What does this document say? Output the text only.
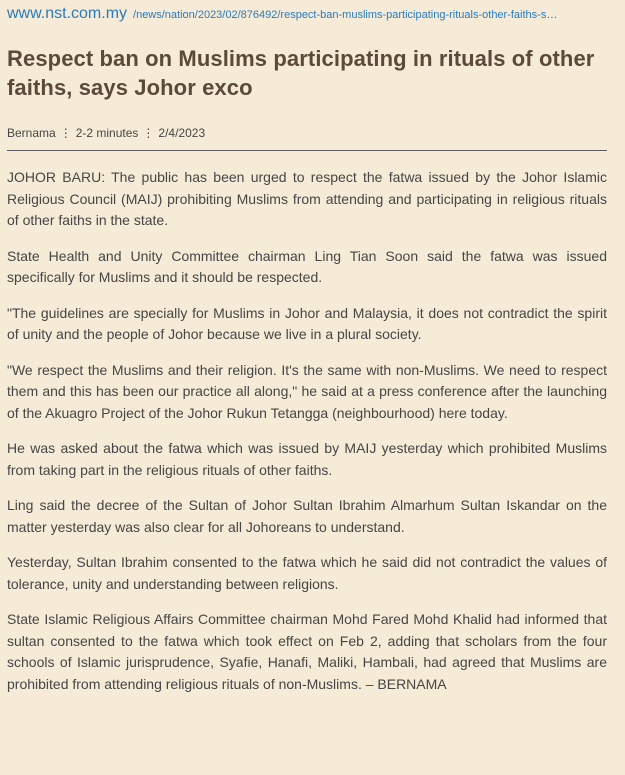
www.nst.com.my /news/nation/2023/02/876492/respect-ban-muslims-participating-rituals-other-faiths-s…
Respect ban on Muslims participating in rituals of other faiths, says Johor exco
Bernama ⋮ 2-2 minutes ⋮ 2/4/2023

JOHOR BARU: The public has been urged to respect the fatwa issued by the Johor Islamic Religious Council (MAIJ) prohibiting Muslims from attending and participating in religious rituals of other faiths in the state.

State Health and Unity Committee chairman Ling Tian Soon said the fatwa was issued specifically for Muslims and it should be respected.

"The guidelines are specially for Muslims in Johor and Malaysia, it does not contradict the spirit of unity and the people of Johor because we live in a plural society.

"We respect the Muslims and their religion. It's the same with non-Muslims. We need to respect them and this has been our practice all along," he said at a press conference after the launching of the Akuagro Project of the Johor Rukun Tetangga (neighbourhood) here today.

He was asked about the fatwa which was issued by MAIJ yesterday which prohibited Muslims from taking part in the religious rituals of other faiths.

Ling said the decree of the Sultan of Johor Sultan Ibrahim Almarhum Sultan Iskandar on the matter yesterday was also clear for all Johoreans to understand.

Yesterday, Sultan Ibrahim consented to the fatwa which he said did not contradict the values of tolerance, unity and understanding between religions.

State Islamic Religious Affairs Committee chairman Mohd Fared Mohd Khalid had informed that sultan consented to the fatwa which took effect on Feb 2, adding that scholars from the four schools of Islamic jurisprudence, Syafie, Hanafi, Maliki, Hambali, had agreed that Muslims are prohibited from attending religious rituals of non-Muslims. – BERNAMA
